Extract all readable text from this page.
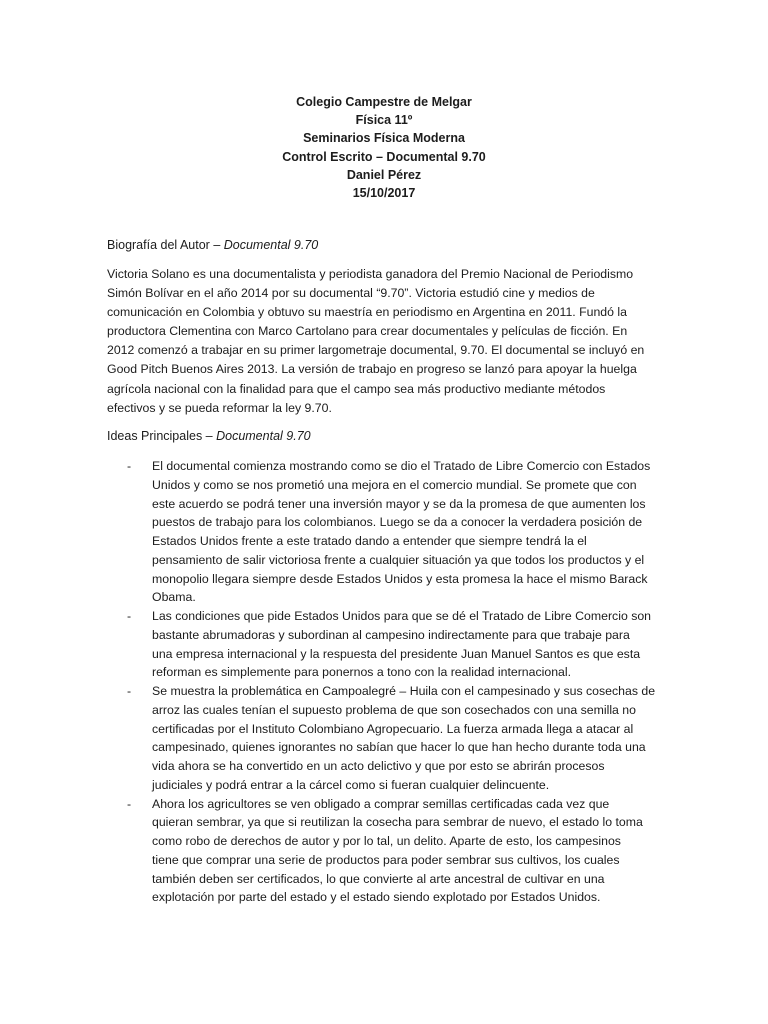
Colegio Campestre de Melgar
Física 11º
Seminarios Física Moderna
Control Escrito – Documental 9.70
Daniel Pérez
15/10/2017
Biografía del Autor – Documental 9.70
Victoria Solano es una documentalista y periodista ganadora del Premio Nacional de Periodismo
Simón Bolívar en el año 2014 por su documental “9.70”. Victoria estudió cine y medios de
comunicación en Colombia y obtuvo su maestría en periodismo en Argentina en 2011. Fundó la
productora Clementina con Marco Cartolano para crear documentales y películas de ficción. En
2012 comenzó a trabajar en su primer largometraje documental, 9.70. El documental se incluyó en
Good Pitch Buenos Aires 2013. La versión de trabajo en progreso se lanzó para apoyar la huelga
agrícola nacional con la finalidad para que el campo sea más productivo mediante métodos
efectivos y se pueda reformar la ley 9.70.
Ideas Principales – Documental 9.70
- El documental comienza mostrando como se dio el Tratado de Libre Comercio con Estados
Unidos y como se nos prometió una mejora en el comercio mundial. Se promete que con
este acuerdo se podrá tener una inversión mayor y se da la promesa de que aumenten los
puestos de trabajo para los colombianos. Luego se da a conocer la verdadera posición de
Estados Unidos frente a este tratado dando a entender que siempre tendrá la el
pensamiento de salir victoriosa frente a cualquier situación ya que todos los productos y el
monopolio llegara siempre desde Estados Unidos y esta promesa la hace el mismo Barack
Obama.
- Las condiciones que pide Estados Unidos para que se dé el Tratado de Libre Comercio son
bastante abrumadoras y subordinan al campesino indirectamente para que trabaje para
una empresa internacional y la respuesta del presidente Juan Manuel Santos es que esta
reforman es simplemente para ponernos a tono con la realidad internacional.
- Se muestra la problemática en Campoalegré – Huila con el campesinado y sus cosechas de
arroz las cuales tenían el supuesto problema de que son cosechados con una semilla no
certificadas por el Instituto Colombiano Agropecuario. La fuerza armada llega a atacar al
campesinado, quienes ignorantes no sabían que hacer lo que han hecho durante toda una
vida ahora se ha convertido en un acto delictivo y que por esto se abrirán procesos
judiciales y podrá entrar a la cárcel como si fueran cualquier delincuente.
- Ahora los agricultores se ven obligado a comprar semillas certificadas cada vez que
quieran sembrar, ya que si reutilizan la cosecha para sembrar de nuevo, el estado lo toma
como robo de derechos de autor y por lo tal, un delito. Aparte de esto, los campesinos
tiene que comprar una serie de productos para poder sembrar sus cultivos, los cuales
también deben ser certificados, lo que convierte al arte ancestral de cultivar en una
explotación por parte del estado y el estado siendo explotado por Estados Unidos.
